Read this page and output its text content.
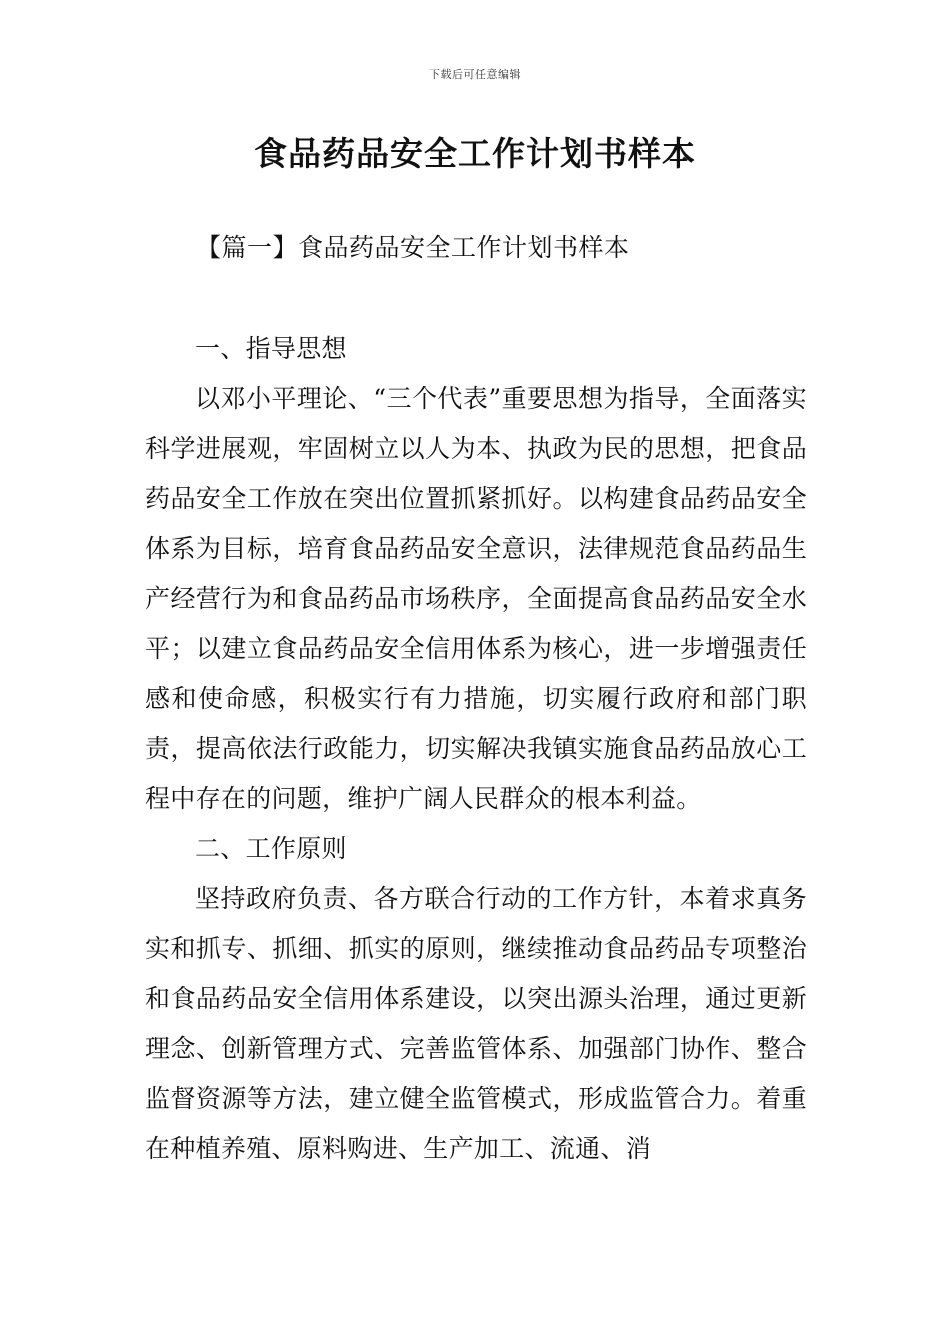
下载后可任意编辑
食品药品安全工作计划书样本
【篇一】食品药品安全工作计划书样本

一、指导思想

以邓小平理论、“三个代表”重要思想为指导，全面落实科学进展观，牢固树立以人为本、执政为民的思想，把食品药品安全工作放在突出位置抓紧抓好。以构建食品药品安全体系为目标，培育食品药品安全意识，法律规范食品药品生产经营行为和食品药品市场秩序，全面提高食品药品安全水平；以建立食品药品安全信用体系为核心，进一步增强责任感和使命感，积极实行有力措施，切实履行政府和部门职责，提高依法行政能力，切实解决我镇实施食品药品放心工程中存在的问题，维护广阔人民群众的根本利益。

二、工作原则

坚持政府负责、各方联合行动的工作方针，本着求真务实和抓专、抓细、抓实的原则，继续推动食品药品专项整治和食品药品安全信用体系建设，以突出源头治理，通过更新理念、创新管理方式、完善监管体系、加强部门协作、整合监督资源等方法，建立健全监管模式，形成监管合力。着重在种植养殖、原料购进、生产加工、流通、消
